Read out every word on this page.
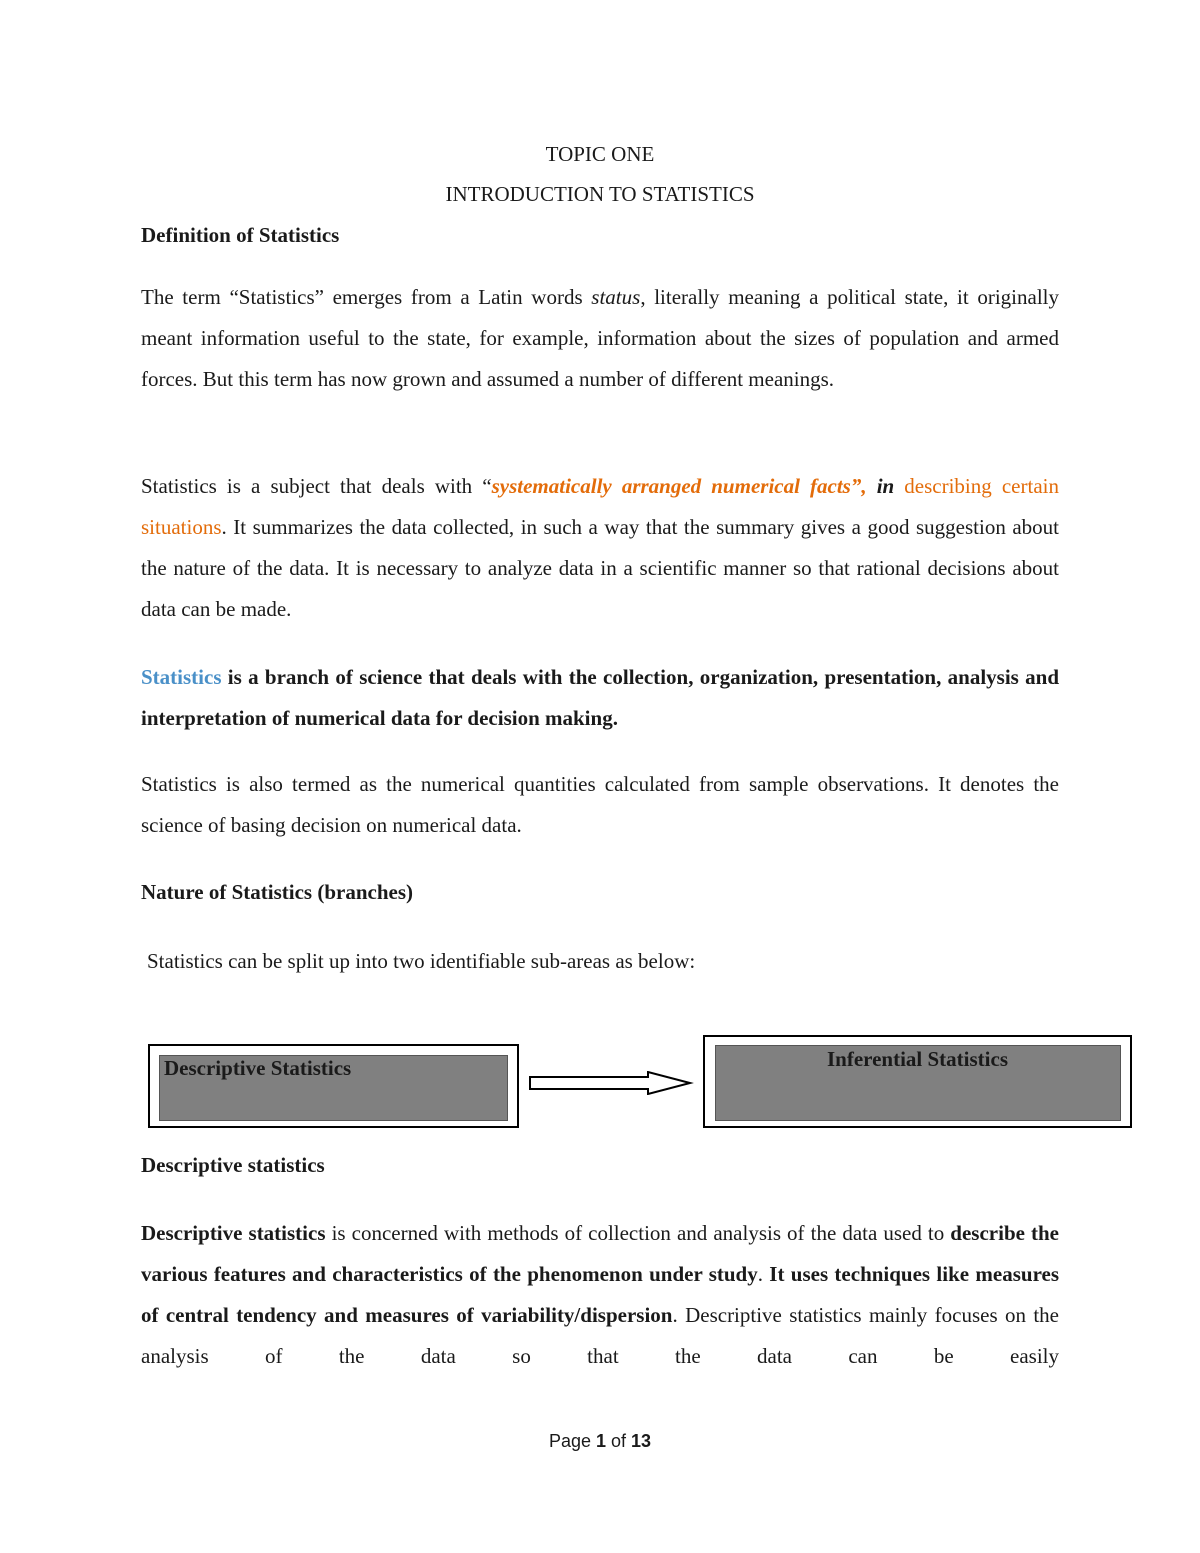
TOPIC ONE
INTRODUCTION TO STATISTICS
Definition of Statistics

The term “Statistics” emerges from a Latin words status, literally meaning a political state, it originally meant information useful to the state, for example, information about the sizes of population and armed forces. But this term has now grown and assumed a number of different meanings.

Statistics is a subject that deals with “systematically arranged numerical facts”, in describing certain situations. It summarizes the data collected, in such a way that the summary gives a good suggestion about the nature of the data. It is necessary to analyze data in a scientific manner so that rational decisions about data can be made.

Statistics is a branch of science that deals with the collection, organization, presentation, analysis and interpretation of numerical data for decision making.

Statistics is also termed as the numerical quantities calculated from sample observations. It denotes the science of basing decision on numerical data.

Nature of Statistics (branches)
Statistics can be split up into two identifiable sub-areas as below:
Descriptive Statistics	Inferential Statistics
Descriptive statistics

Descriptive statistics is concerned with methods of collection and analysis of the data used to describe the various features and characteristics of the phenomenon under study. It uses techniques like measures of central tendency and measures of variability/dispersion. Descriptive statistics mainly focuses on the analysis of the data so that the data can be easily

Page 1 of 13
